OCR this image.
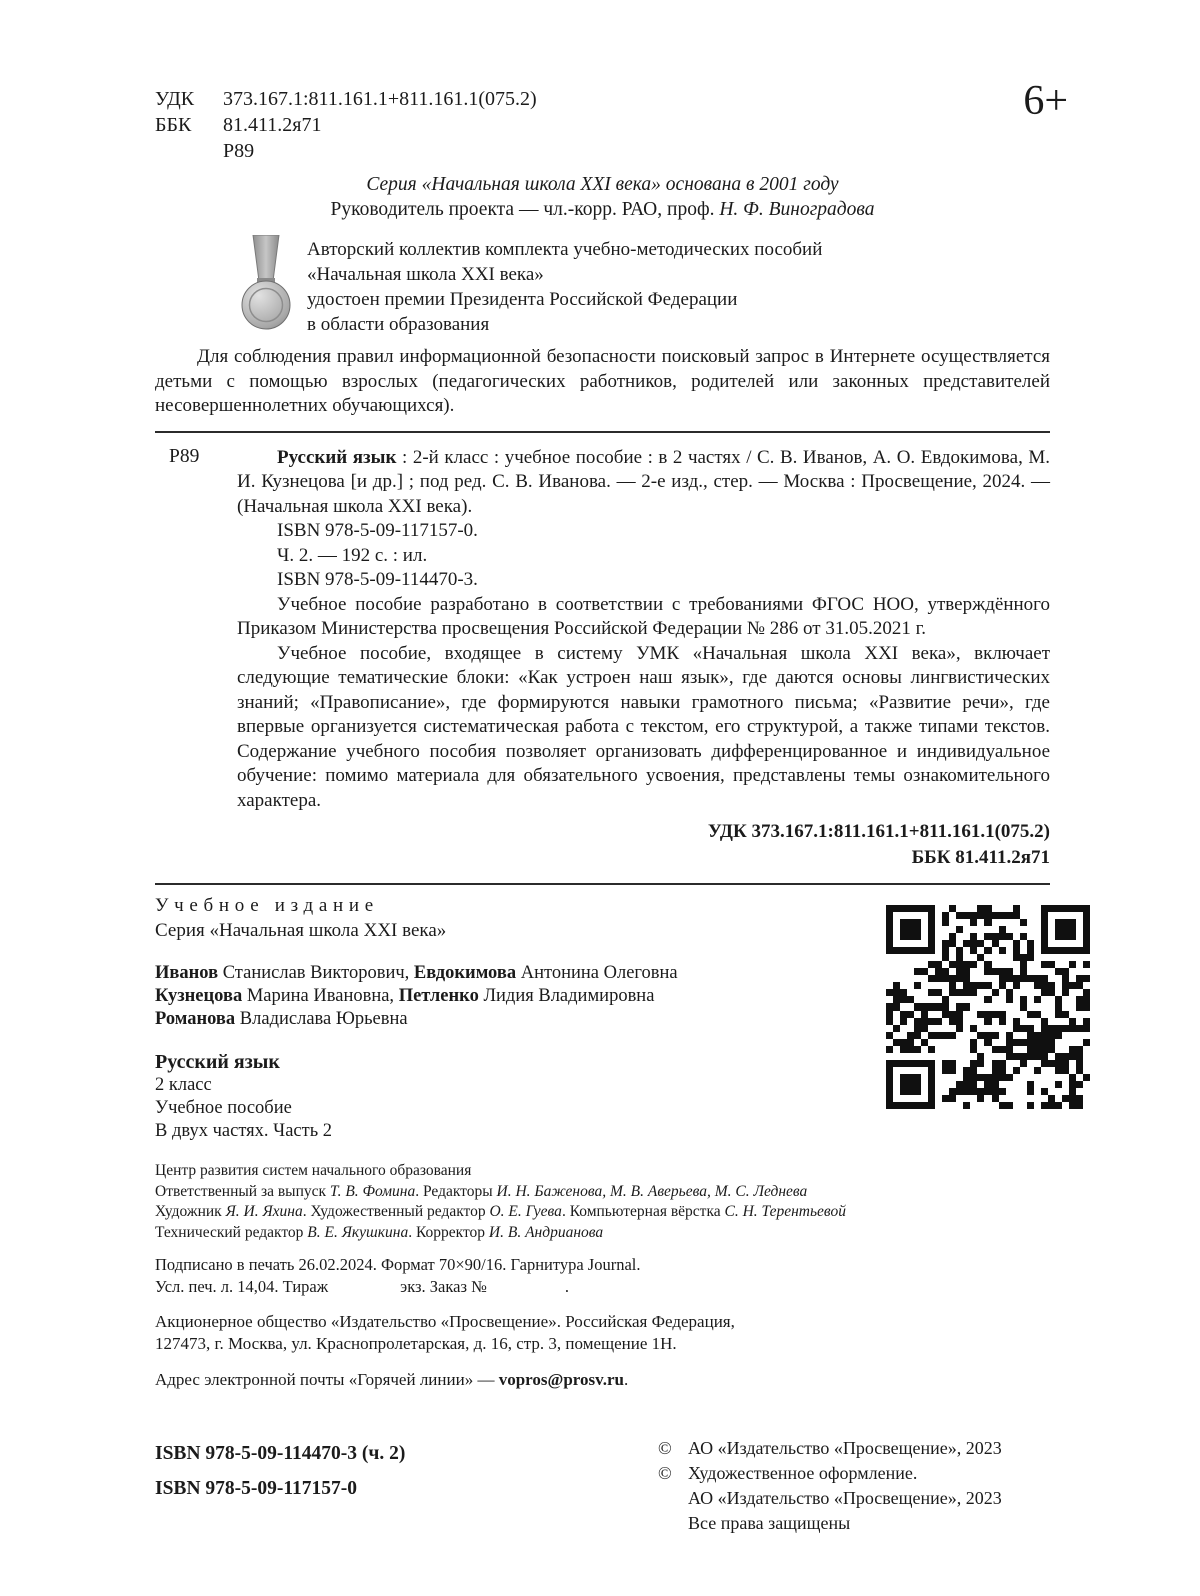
УДК 373.167.1:811.161.1+811.161.1(075.2)
ББК 81.411.2я71
Р89
6+
Серия «Начальная школа XXI века» основана в 2001 году
Руководитель проекта — чл.-корр. РАО, проф. Н. Ф. Виноградова
Авторский коллектив комплекта учебно-методических пособий
«Начальная школа XXI века»
удостоен премии Президента Российской Федерации
в области образования

Для соблюдения правил информационной безопасности поисковый запрос в Интернете осуществляется детьми с помощью взрослых (педагогических работников, родителей или законных представителей несовершеннолетних обучающихся).

Р89	Русский язык : 2-й класс : учебное пособие : в 2 частях / С. В. Иванов, А. О. Евдокимова, М. И. Кузнецова [и др.] ; под ред. С. В. Иванова. — 2-е изд., стер. — Москва : Просвещение, 2024. — (Начальная школа XXI века).

ISBN 978-5-09-117157-0.

Ч. 2. — 192 с. : ил.

ISBN 978-5-09-114470-3.

Учебное пособие разработано в соответствии с требованиями ФГОС НОО, утверждённого Приказом Министерства просвещения Российской Федерации № 286 от 31.05.2021 г.

Учебное пособие, входящее в систему УМК «Начальная школа XXI века», включает следующие тематические блоки: «Как устроен наш язык», где даются основы лингвистических знаний; «Правописание», где формируются навыки грамотного письма; «Развитие речи», где впервые организуется систематическая работа с текстом, его структурой, а также типами текстов. Содержание учебного пособия позволяет организовать дифференцированное и индивидуальное обучение: помимо материала для обязательного усвоения, представлены темы ознакомительного характера.

УДК 373.167.1:811.161.1+811.161.1(075.2)
ББК 81.411.2я71
Учебное издание
Серия «Начальная школа XXI века»
Иванов Станислав Викторович, Евдокимова Антонина Олеговна
Кузнецова Марина Ивановна, Петленко Лидия Владимировна
Романова Владислава Юрьевна
Русский язык
2 класс
Учебное пособие
В двух частях. Часть 2
Центр развития систем начального образования
Ответственный за выпуск Т. В. Фомина. Редакторы И. Н. Баженова, М. В. Аверьева, М. С. Леднева
Художник Я. И. Яхина. Художественный редактор О. Е. Гуева. Компьютерная вёрстка С. Н. Терентьевой
Технический редактор В. Е. Якушкина. Корректор И. В. Андрианова
Подписано в печать 26.02.2024. Формат 70×90/16. Гарнитура Journal.
Усл. печ. л. 14,04. Тираж	экз. Заказ №	.
Акционерное общество «Издательство «Просвещение». Российская Федерация,
127473, г. Москва, ул. Краснопролетарская, д. 16, стр. 3, помещение 1Н.
Адрес электронной почты «Горячей линии» — vopros@prosv.ru.
ISBN 978-5-09-114470-3 (ч. 2)
ISBN 978-5-09-117157-0
© АО «Издательство «Просвещение», 2023
© Художественное оформление.
АО «Издательство «Просвещение», 2023
Все права защищены
